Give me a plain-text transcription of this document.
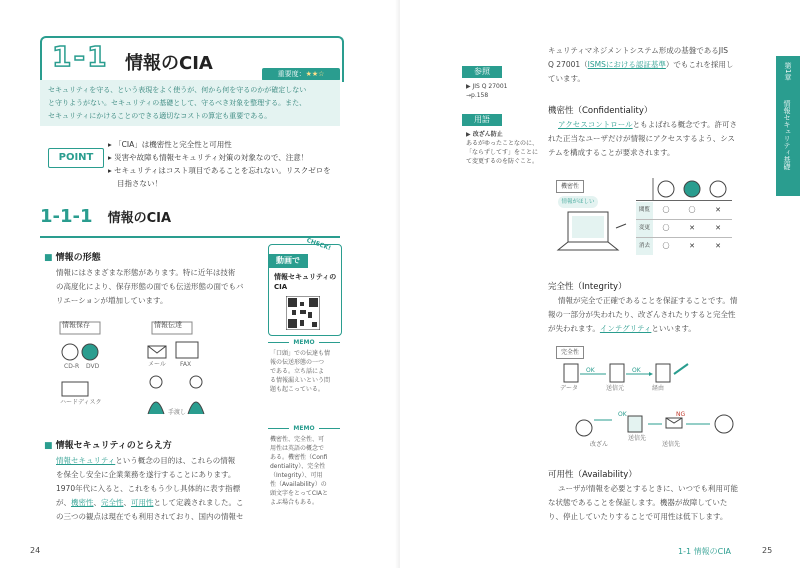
1-1 情報のCIA	重要度：★★☆
セキュリティを守る、という表現をよく使うが、何から何を守るのかが確定しない
と守りようがない。セキュリティの基礎として、守るべき対象を整理する。また、
セキュリティにかけることのできる適切なコストの算定も重要である。
POINT
▸ 「CIA」は機密性と完全性と可用性
▸ 災害や故障も情報セキュリティ対策の対象なので、注意！
▸ セキュリティはコスト項目であることを忘れない。リスクゼロを
目指さない！
1-1-1 情報のCIA
■ 情報の形態
情報にはさまざまな形態があります。特に近年は技術
の高度化により、保存形態の面でも伝送形態の面でもバ
リエーションが増加しています。
情報保存	情報伝達
CD-R DVD
ハードディスク
メール FAX
手渡し
動画で
CHECK!
情報セキュリティの
CIA
MEMO
「口頭」での伝達も情
報の伝送形態の一つ
である。立ち話によ
る情報漏えいという問
題も起こっている。
MEMO
機密性、完全性、可
用性は英語の概念で
ある。機密性（Confi
dentiality）、完全性
（Integrity）、可用
性（Availability）の
頭文字をとってCIAと
よぶ場合もある。
■ 情報セキュリティのとらえ方
情報セキュリティという概念の目的は、これらの情報
を保全し安全に企業業務を遂行することにあります。
1970年代に入ると、これをもう少し具体的に表す指標
が、機密性、完全性、可用性として定義されました。こ
の三つの観点は現在でも利用されており、国内の情報セ
24
参照
▶ JIS Q 27001
→p.158
用語
▶ 改ざん防止
あるがゆったことなのに、
「ならずしてす」をことに
て変更するのを防ぐこと。
キュリティマネジメントシステム形成の基盤であるJIS
Q 27001（ISMSにおける認証基準）でもこれを採用し
ています。
機密性（Confidentiality）
アクセスコントロールともよばれる概念です。許可さ
れた正当なユーザだけが情報にアクセスするよう、シス
テムを構成することが要求されます。
機密性
情報がほしい
閲覧	〇	〇	✕
変更	〇	✕	✕
消去	〇	✕	✕
完全性（Integrity）
情報が完全で正確であることを保証することです。情
報の一部分が失われたり、改ざんされたりすると完全性
が失われます。インテグリティといいます。
完全性
データ
OK
送信元
OK
経由
OK
送信先
NG
改ざん	送信先
可用性（Availability）
ユーザが情報を必要とするときに、いつでも利用可能
な状態であることを保証します。機器が故障していた
り、停止していたりすることで可用性は低下します。
第1章
情報セキュリティ基礎
1-1 情報のCIA	25
